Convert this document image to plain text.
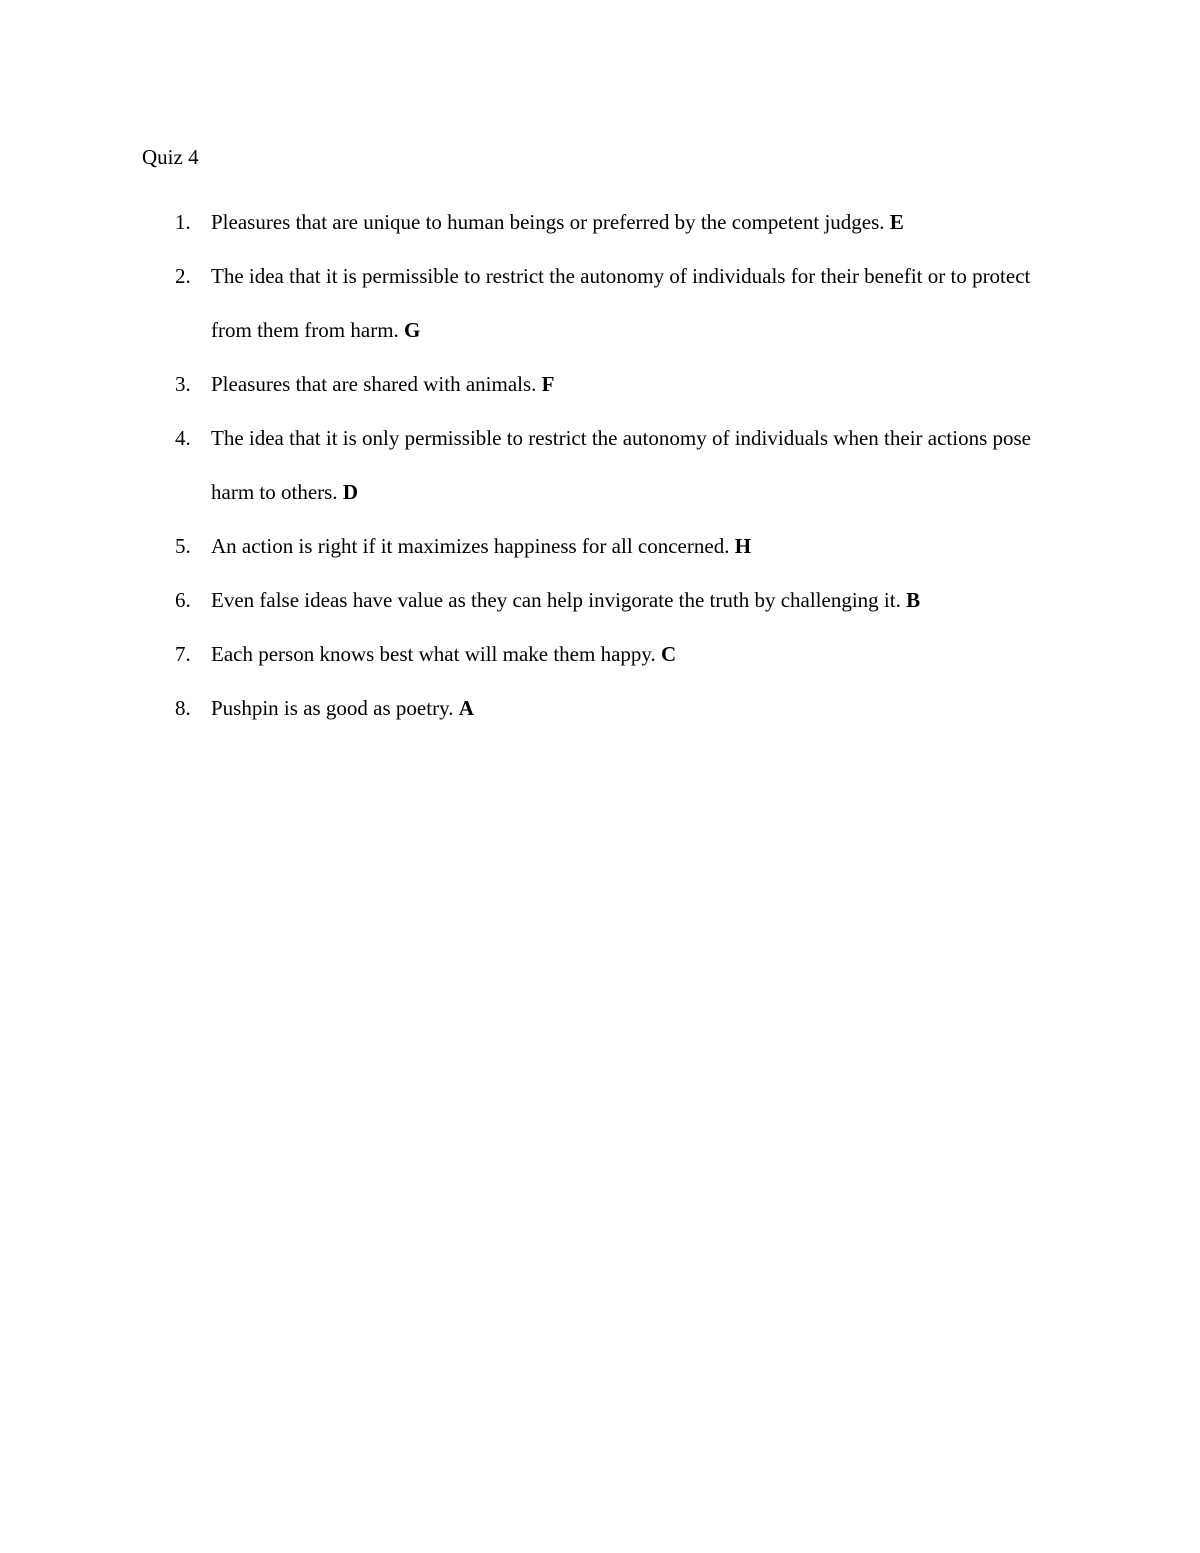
Quiz 4
1. Pleasures that are unique to human beings or preferred by the competent judges. E
2. The idea that it is permissible to restrict the autonomy of individuals for their benefit or to protect from them from harm. G
3. Pleasures that are shared with animals. F
4. The idea that it is only permissible to restrict the autonomy of individuals when their actions pose harm to others. D
5. An action is right if it maximizes happiness for all concerned. H
6. Even false ideas have value as they can help invigorate the truth by challenging it. B
7. Each person knows best what will make them happy. C
8. Pushpin is as good as poetry. A
